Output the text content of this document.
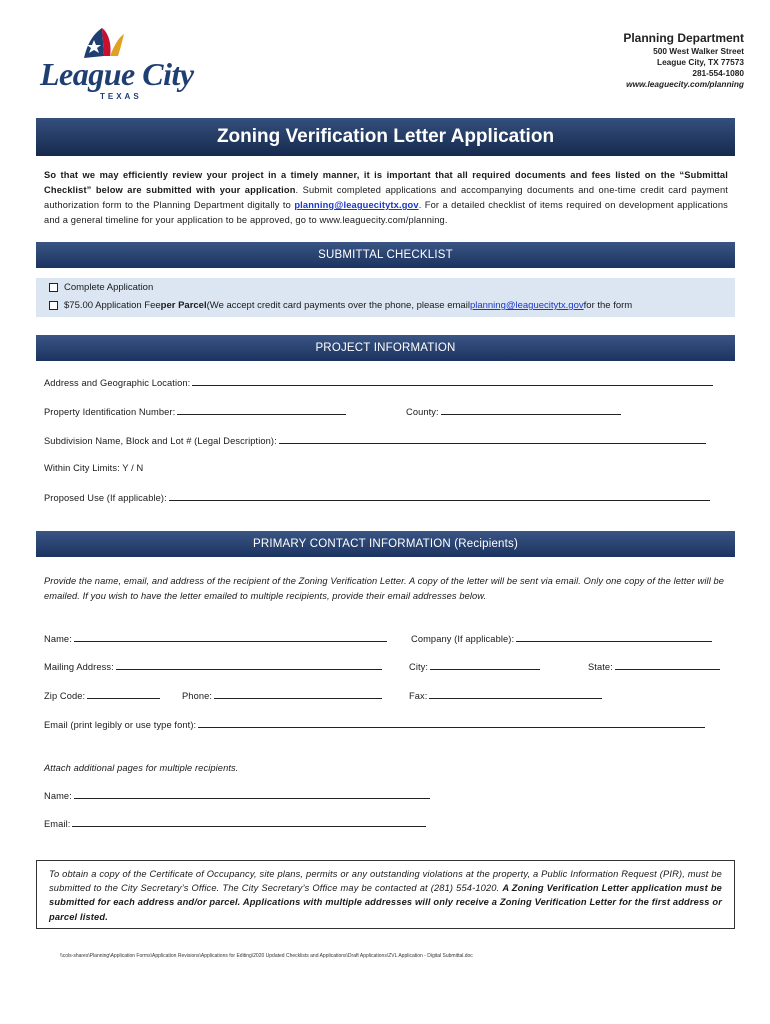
League City
TEXAS
Planning Department
500 West Walker Street
League City, TX 77573
281-554-1080
www.leaguecity.com/planning
Zoning Verification Letter Application
So that we may efficiently review your project in a timely manner, it is important that all required documents and fees listed on the “Submittal Checklist” below are submitted with your application. Submit completed applications and accompanying documents and one-time credit card payment authorization form to the Planning Department digitally to planning@leaguecitytx.gov. For a detailed checklist of items required on development applications and a general timeline for your application to be approved, go to www.leaguecity.com/planning.
SUBMITTAL CHECKLIST
Complete Application
$75.00 Application Fee per Parcel (We accept credit card payments over the phone, please email planning@leaguecitytx.gov for the form
PROJECT INFORMATION
Address and Geographic Location:
Property Identification Number:	County:
Subdivision Name, Block and Lot # (Legal Description):
Within City Limits: Y / N
Proposed Use (If applicable):
PRIMARY CONTACT INFORMATION (Recipients)
Provide the name, email, and address of the recipient of the Zoning Verification Letter. A copy of the letter will be sent via email. Only one copy of the letter will be emailed. If you wish to have the letter emailed to multiple recipients, provide their email addresses below.
Name:	Company (If applicable):
Mailing Address:	City:	State:
Zip Code:	Phone:	Fax:
Email (print legibly or use type font):
Attach additional pages for multiple recipients.
Name:
Email:
To obtain a copy of the Certificate of Occupancy, site plans, permits or any outstanding violations at the property, a Public Information Request (PIR), must be submitted to the City Secretary’s Office. The City Secretary’s Office may be contacted at (281) 554-1020. A Zoning Verification Letter application must be submitted for each address and/or parcel. Applications with multiple addresses will only receive a Zoning Verification Letter for the first address or parcel listed.
\\cols-shares\Planning\Application Forms\Application Revisions\Applications for Editing\2020 Updated Checklists and Applications\Draft Applications\ZVL Application - Digital Submittal.doc
